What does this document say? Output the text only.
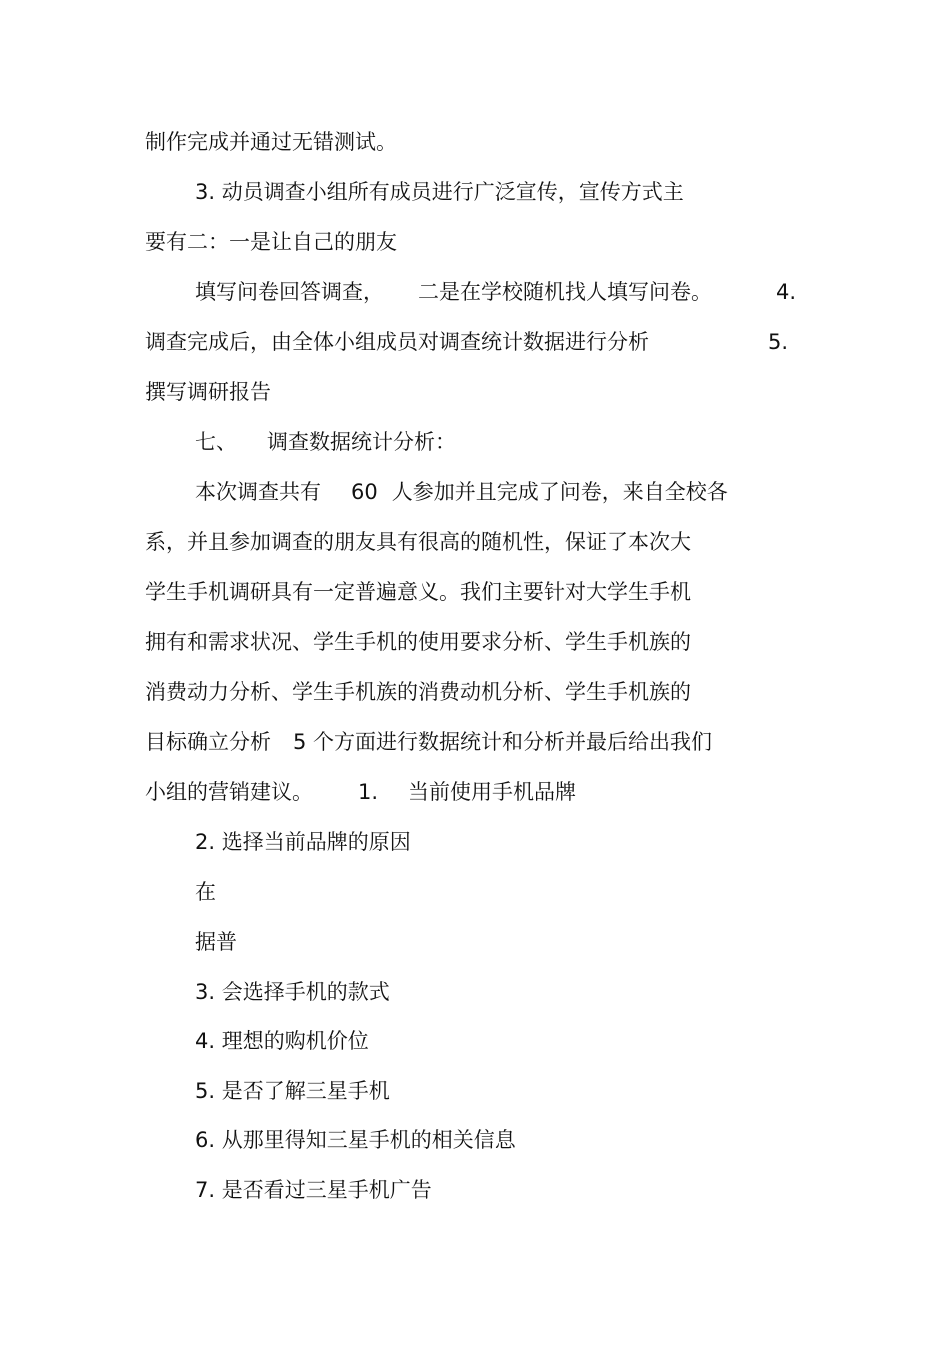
制作完成并通过无错测试。
3. 动员调查小组所有成员进行广泛宣传，宣传方式主
要有二：一是让自己的朋友
填写问卷回答调查， 二是在学校随机找人填写问卷。	4.
调查完成后，由全体小组成员对调查统计数据进行分析	5.
撰写调研报告
七、 调查数据统计分析：
本次调查共有 60 人参加并且完成了问卷，来自全校各
系，并且参加调查的朋友具有很高的随机性，保证了本次大
学生手机调研具有一定普遍意义。我们主要针对大学生手机
拥有和需求状况、学生手机的使用要求分析、学生手机族的
消费动力分析、学生手机族的消费动机分析、学生手机族的
目标确立分析 5 个方面进行数据统计和分析并最后给出我们
小组的营销建议。 1. 当前使用手机品牌
2. 选择当前品牌的原因
在
据普
3. 会选择手机的款式
4. 理想的购机价位
5. 是否了解三星手机
6. 从那里得知三星手机的相关信息
7. 是否看过三星手机广告
